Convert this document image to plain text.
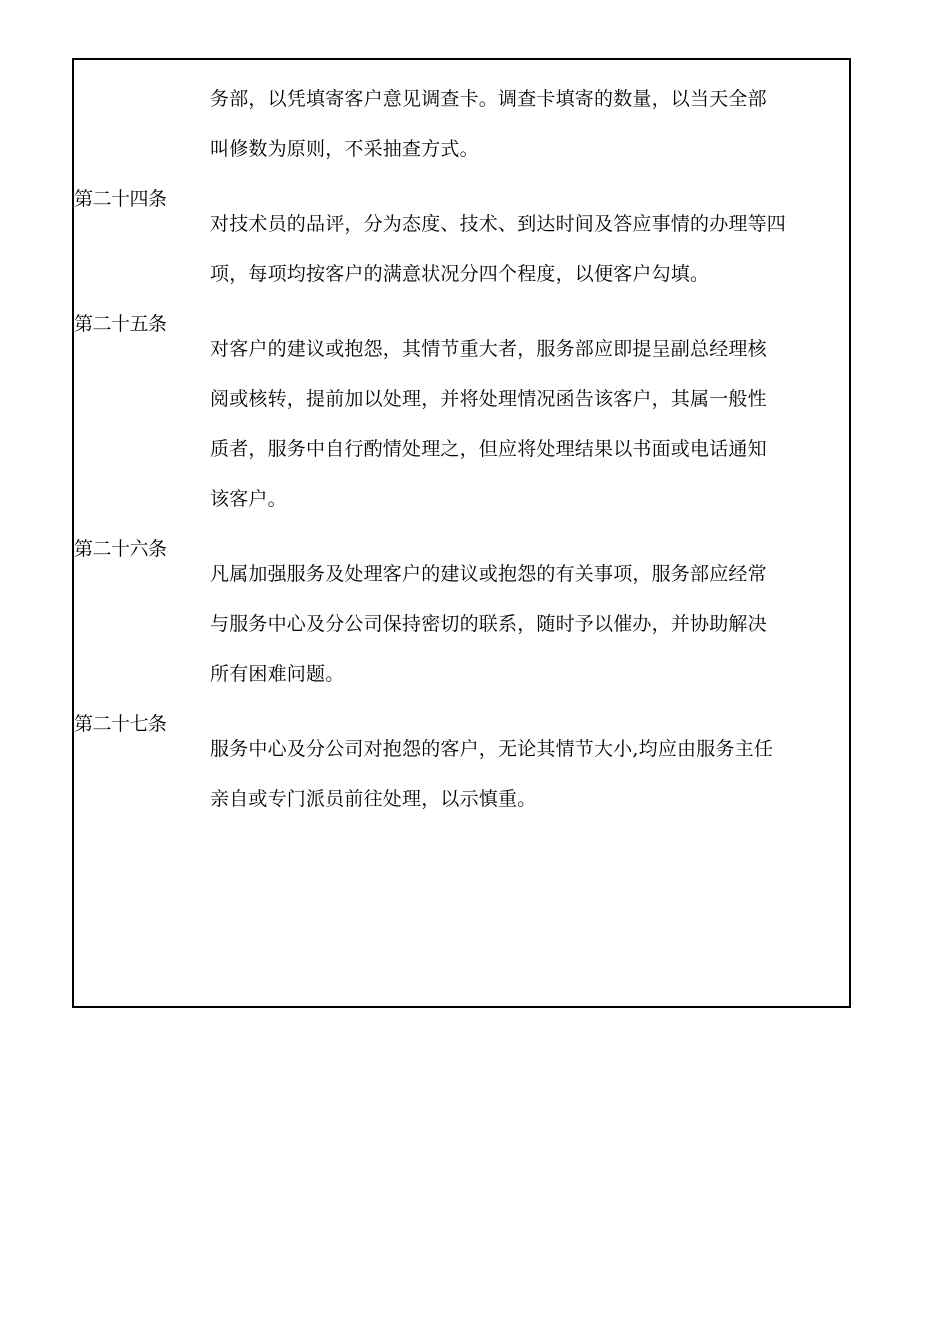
务部，以凭填寄客户意见调查卡。调查卡填寄的数量，以当天全部

叫修数为原则，不采抽查方式。

第二十四条

对技术员的品评，分为态度、技术、到达时间及答应事情的办理等四

项，每项均按客户的满意状况分四个程度，以便客户勾填。

第二十五条

对客户的建议或抱怨，其情节重大者，服务部应即提呈副总经理核

阅或核转，提前加以处理，并将处理情况函告该客户，其属一般性

质者，服务中自行酌情处理之，但应将处理结果以书面或电话通知

该客户。

第二十六条

凡属加强服务及处理客户的建议或抱怨的有关事项，服务部应经常

与服务中心及分公司保持密切的联系，随时予以催办，并协助解决

所有困难问题。

第二十七条

服务中心及分公司对抱怨的客户，无论其情节大小,均应由服务主任

亲自或专门派员前往处理，以示慎重。
